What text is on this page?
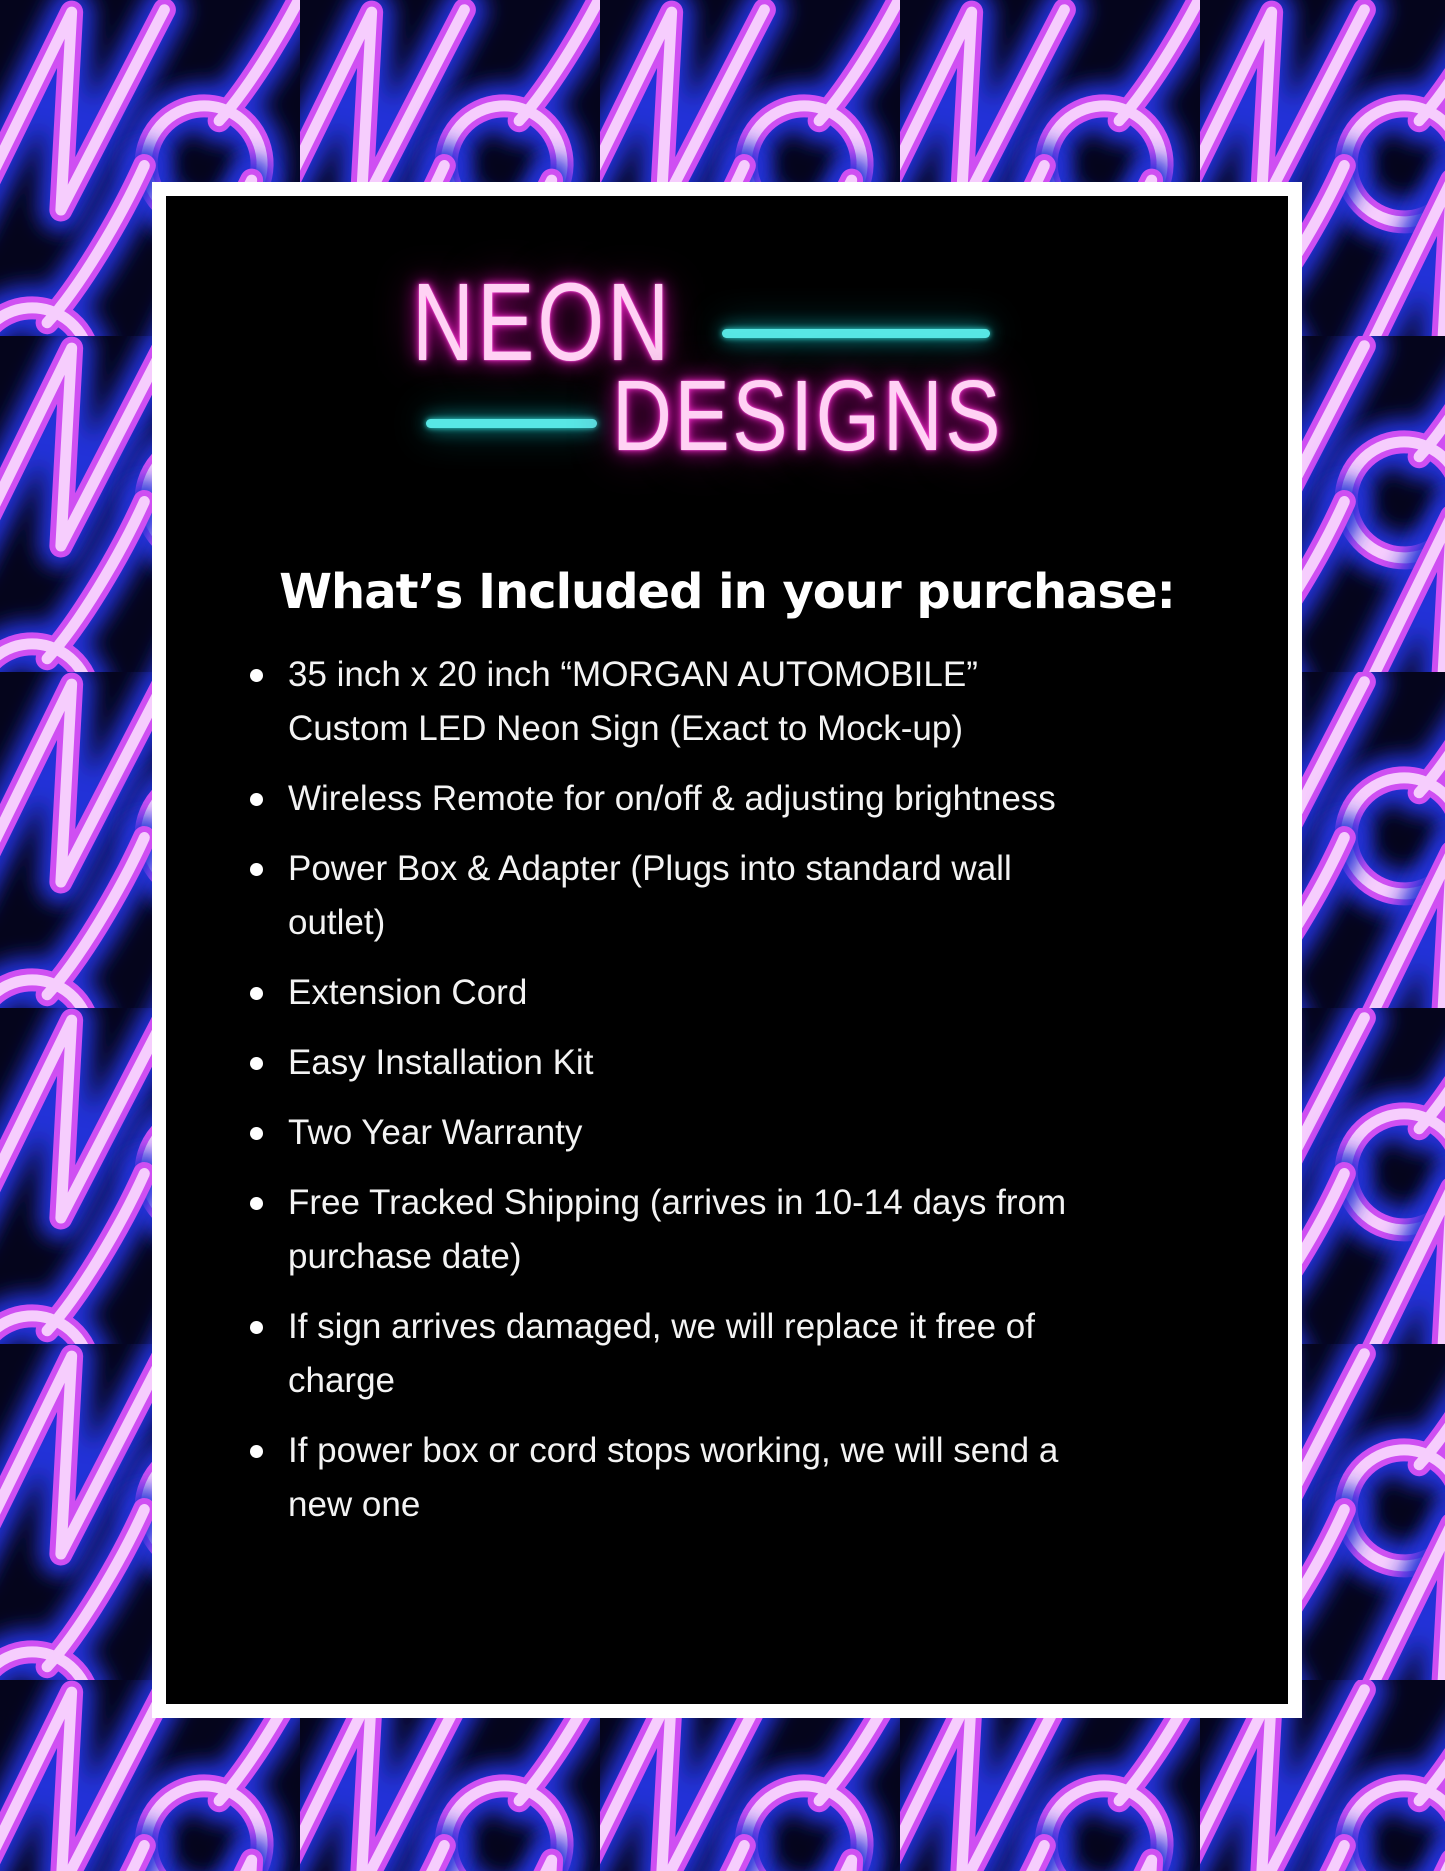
NEON
DESIGNS
What’s Included in your purchase:
35 inch x 20 inch “MORGAN AUTOMOBILE”
Custom LED Neon Sign (Exact to Mock-up)
Wireless Remote for on/off & adjusting brightness
Power Box & Adapter (Plugs into standard wall
outlet)
Extension Cord
Easy Installation Kit
Two Year Warranty
Free Tracked Shipping (arrives in 10-14 days from
purchase date)
If sign arrives damaged, we will replace it free of
charge
If power box or cord stops working, we will send a
new one
